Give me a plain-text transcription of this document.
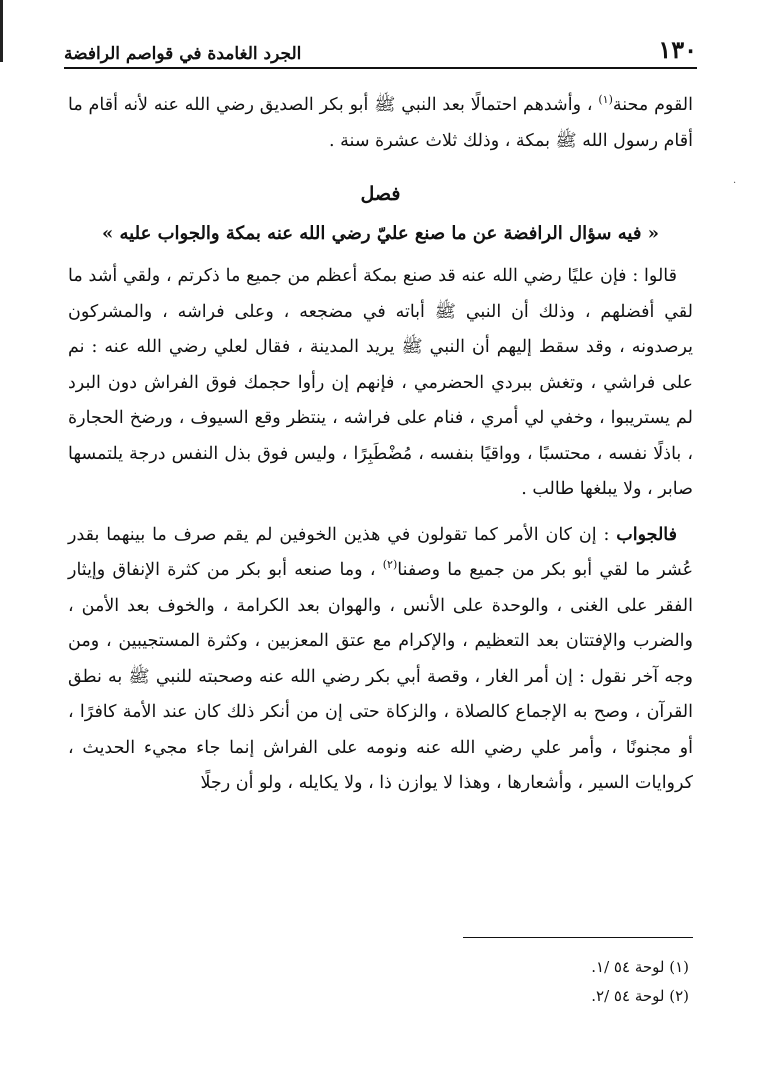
١٣٠
الجرد الغامدة في قواصم الرافضة
·

القوم محنة$^{(١)}$ ، وأشدهم احتمالًا بعد النبي ﷺ أبو بكر الصديق رضي الله عنه لأنه أقام ما أقام رسول الله ﷺ بمكة ، وذلك ثلاث عشرة سنة .

فصل
« فيه سؤال الرافضة عن ما صنع عليّ رضي الله عنه بمكة والجواب عليه »

قالوا : فإن عليًا رضي الله عنه قد صنع بمكة أعظم من جميع ما ذكرتم ، ولقي أشد ما لقي أفضلهم ، وذلك أن النبي ﷺ أباته في مضجعه ، وعلى فراشه ، والمشركون يرصدونه ، وقد سقط إليهم أن النبي ﷺ يريد المدينة ، فقال لعلي رضي الله عنه : نم على فراشي ، وتغش ببردي الحضرمي ، فإنهم إن رأوا حجمك فوق الفراش دون البرد لم يستريبوا ، وخفي لي أمري ، فنام على فراشه ، ينتظر وقع السيوف ، ورضخ الحجارة ، باذلًا نفسه ، محتسبًا ، وواقيًا بنفسه ، مُضْطَبِرًا ، وليس فوق بذل النفس درجة يلتمسها صابر ، ولا يبلغها طالب .

فالجواب : إن كان الأمر كما تقولون في هذين الخوفين لم يقم صرف ما بينهما بقدر عُشر ما لقي أبو بكر من جميع ما وصفنا$^{(٢)}$ ، وما صنعه أبو بكر من كثرة الإنفاق وإيثار الفقر على الغنى ، والوحدة على الأنس ، والهوان بعد الكرامة ، والخوف بعد الأمن ، والضرب والإفتتان بعد التعظيم ، والإكرام مع عتق المعزبين ، وكثرة المستجيبين ، ومن وجه آخر نقول : إن أمر الغار ، وقصة أبي بكر رضي الله عنه وصحبته للنبي ﷺ به نطق القرآن ، وصح به الإجماع كالصلاة ، والزكاة حتى إن من أنكر ذلك كان عند الأمة كافرًا ، أو مجنونًا ، وأمر علي رضي الله عنه ونومه على الفراش إنما جاء مجيء الحديث ، كروايات السير ، وأشعارها ، وهذا لا يوازن ذا ، ولا يكايله ، ولو أن رجلًا

(١) لوحة ٥٤ /١.

(٢) لوحة ٥٤ /٢.
